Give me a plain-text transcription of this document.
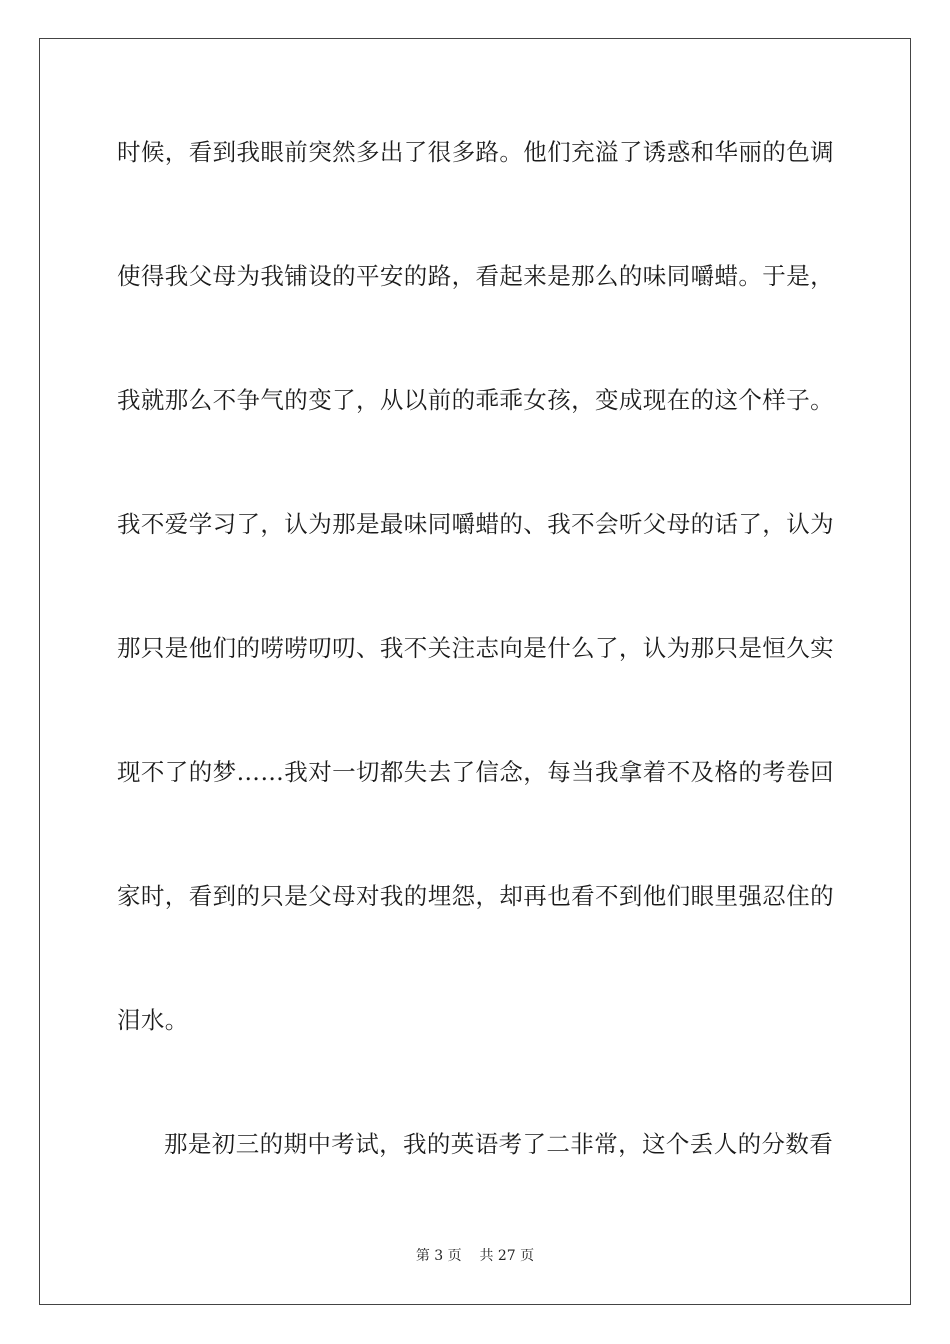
时候，看到我眼前突然多出了很多路。他们充溢了诱惑和华丽的色调
使得我父母为我铺设的平安的路，看起来是那么的味同嚼蜡。于是，
我就那么不争气的变了，从以前的乖乖女孩，变成现在的这个样子。
我不爱学习了，认为那是最味同嚼蜡的、我不会听父母的话了，认为
那只是他们的唠唠叨叨、我不关注志向是什么了，认为那只是恒久实
现不了的梦……我对一切都失去了信念，每当我拿着不及格的考卷回
家时，看到的只是父母对我的埋怨，却再也看不到他们眼里强忍住的
泪水。
那是初三的期中考试，我的英语考了二非常，这个丢人的分数看
第 3 页 共 27 页
